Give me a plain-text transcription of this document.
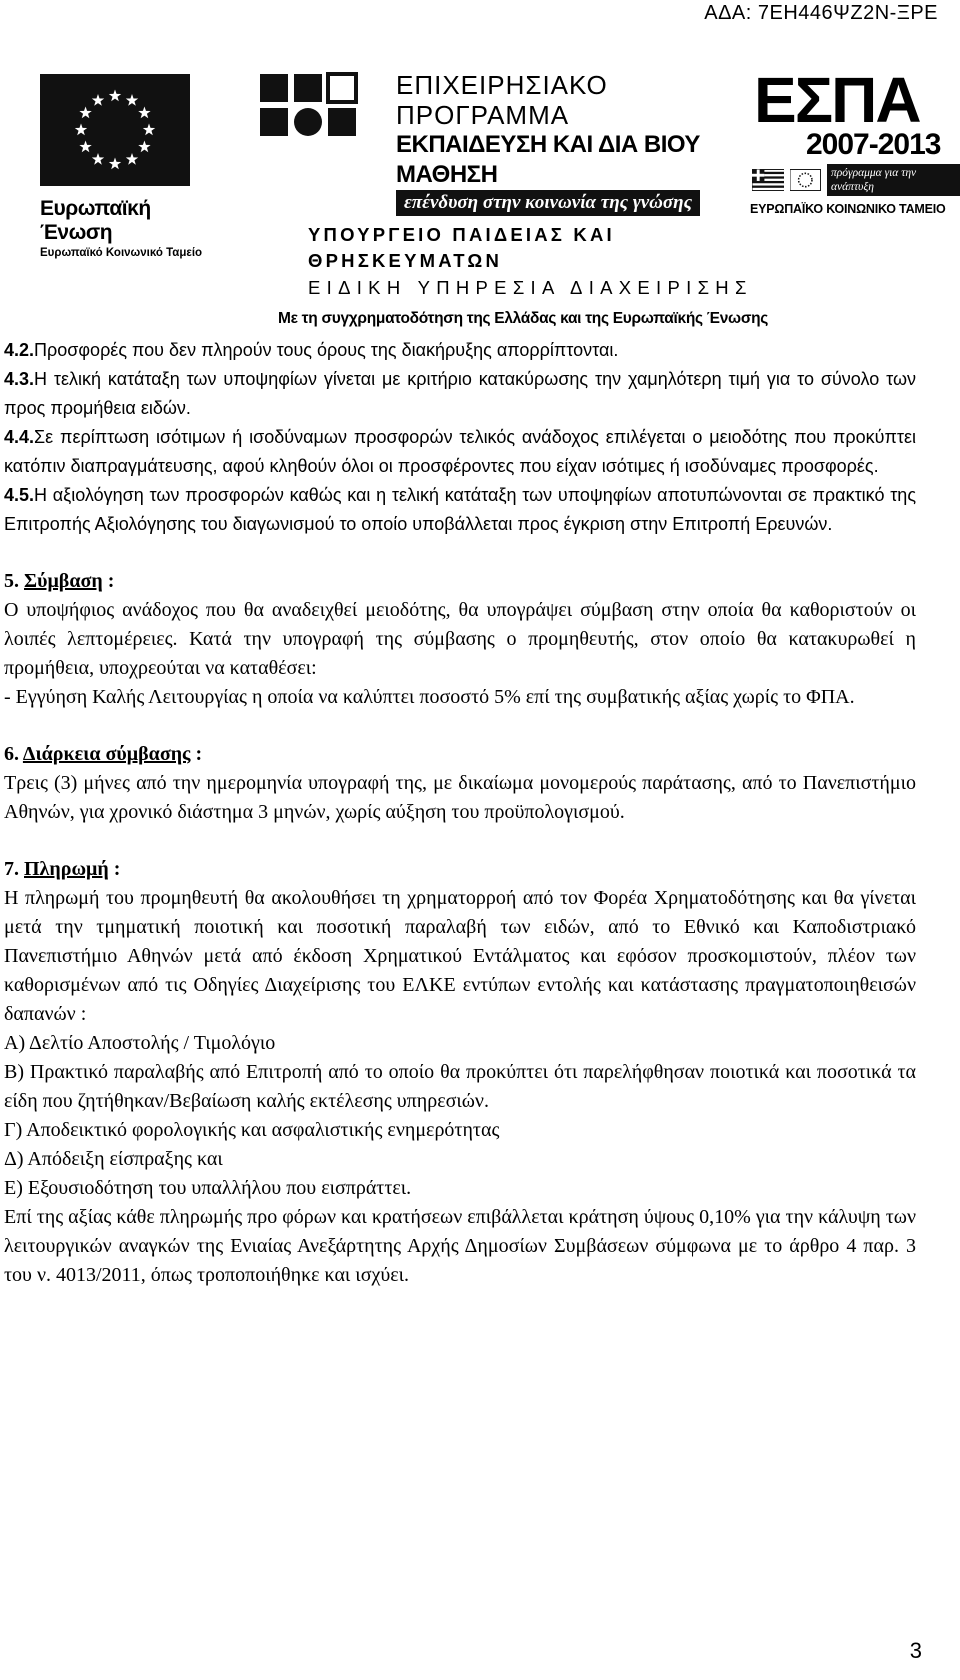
ΑΔΑ: 7ΕΗ446ΨΖ2Ν-ΞΡΕ
Ευρωπαϊκή Ένωση
Ευρωπαϊκό Κοινωνικό Ταμείο
ΕΠΙΧΕΙΡΗΣΙΑΚΟ ΠΡΟΓΡΑΜΜΑ
ΕΚΠΑΙΔΕΥΣΗ ΚΑΙ ΔΙΑ ΒΙΟΥ ΜΑΘΗΣΗ
επένδυση στην κοινωνία της γνώσης
ΥΠΟΥΡΓΕΙΟ ΠΑΙΔΕΙΑΣ ΚΑΙ ΘΡΗΣΚΕΥΜΑΤΩΝ
ΕΙΔΙΚΗ ΥΠΗΡΕΣΙΑ ΔΙΑΧΕΙΡΙΣΗΣ
Με τη συγχρηματοδότηση της Ελλάδας και της Ευρωπαϊκής Ένωσης
ΕΣΠΑ
2007-2013
πρόγραμμα για την ανάπτυξη
ΕΥΡΩΠΑΪΚΟ ΚΟΙΝΩΝΙΚΟ ΤΑΜΕΙΟ

4.2.Προσφορές που δεν πληρούν τους όρους της διακήρυξης απορρίπτονται.

4.3.Η τελική κατάταξη των υποψηφίων γίνεται με κριτήριο κατακύρωσης την χαμηλότερη τιμή για το σύνολο των προς προμήθεια ειδών.

4.4.Σε περίπτωση ισότιμων ή ισοδύναμων προσφορών τελικός ανάδοχος επιλέγεται ο μειοδότης που προκύπτει κατόπιν διαπραγμάτευσης, αφού κληθούν όλοι οι προσφέροντες που είχαν ισότιμες ή ισοδύναμες προσφορές.

4.5.Η αξιολόγηση των προσφορών καθώς και η τελική κατάταξη των υποψηφίων αποτυπώνονται σε πρακτικό της Επιτροπής Αξιολόγησης του διαγωνισμού το οποίο υποβάλλεται προς έγκριση στην Επιτροπή Ερευνών.

5. Σύμβαση :

Ο υποψήφιος ανάδοχος που θα αναδειχθεί μειοδότης, θα υπογράψει σύμβαση στην οποία θα καθοριστούν οι λοιπές λεπτομέρειες. Κατά την υπογραφή της σύμβασης ο προμηθευτής, στον οποίο θα κατακυρωθεί η προμήθεια, υποχρεούται να καταθέσει:

- Εγγύηση Καλής Λειτουργίας η οποία να καλύπτει ποσοστό 5% επί της συμβατικής αξίας χωρίς το ΦΠΑ.

6. Διάρκεια σύμβασης :

Τρεις (3) μήνες από την ημερομηνία υπογραφή της, με δικαίωμα μονομερούς παράτασης, από το Πανεπιστήμιο Αθηνών, για χρονικό διάστημα 3 μηνών, χωρίς αύξηση του προϋπολογισμού.

7. Πληρωμή :

Η πληρωμή του προμηθευτή θα ακολουθήσει τη χρηματορροή από τον Φορέα Χρηματοδότησης και θα γίνεται μετά την τμηματική ποιοτική και ποσοτική παραλαβή των ειδών, από το Εθνικό και Καποδιστριακό Πανεπιστήμιο Αθηνών μετά από έκδοση Χρηματικού Εντάλματος και εφόσον προσκομιστούν, πλέον των καθορισμένων από τις Οδηγίες Διαχείρισης του ΕΛΚΕ εντύπων εντολής και κατάστασης πραγματοποιηθεισών δαπανών :

Α) Δελτίο Αποστολής / Τιμολόγιο

Β) Πρακτικό παραλαβής από Επιτροπή από το οποίο θα προκύπτει ότι παρελήφθησαν ποιοτικά και ποσοτικά τα είδη που ζητήθηκαν/Βεβαίωση καλής εκτέλεσης υπηρεσιών.

Γ) Αποδεικτικό φορολογικής και ασφαλιστικής ενημερότητας

Δ) Απόδειξη είσπραξης και

Ε) Εξουσιοδότηση του υπαλλήλου που εισπράττει.

Επί της αξίας κάθε πληρωμής προ φόρων και κρατήσεων επιβάλλεται κράτηση ύψους 0,10% για την κάλυψη των λειτουργικών αναγκών της Ενιαίας Ανεξάρτητης Αρχής Δημοσίων Συμβάσεων σύμφωνα με το άρθρο 4 παρ. 3 του ν. 4013/2011, όπως τροποποιήθηκε και ισχύει.

3
